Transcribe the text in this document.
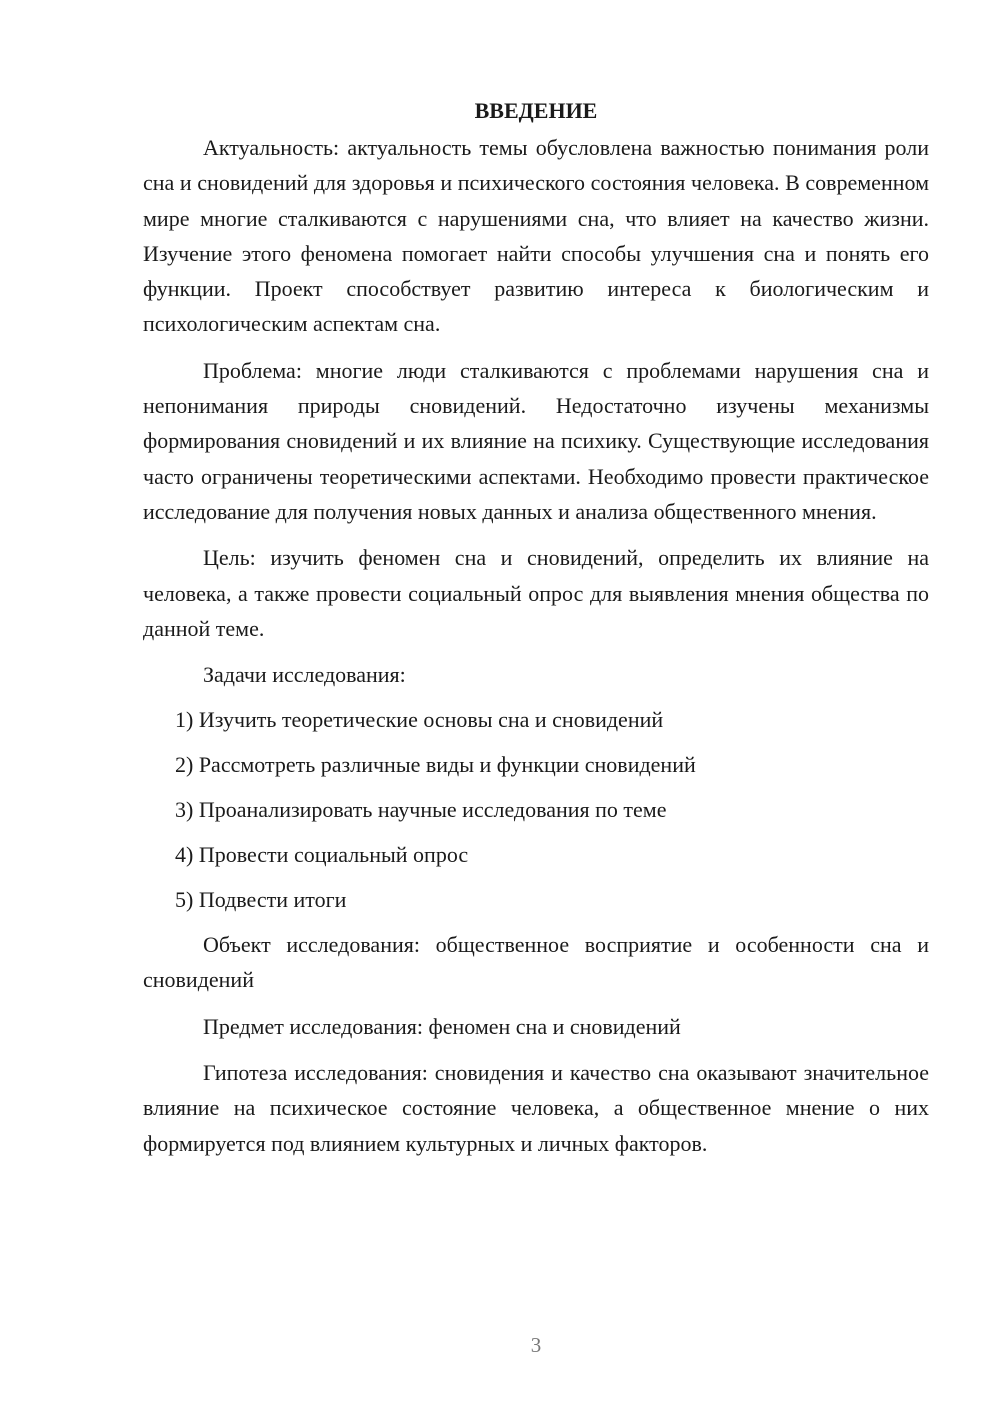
ВВЕДЕНИЕ

Актуальность: актуальность темы обусловлена важностью понимания роли сна и сновидений для здоровья и психического состояния человека. В современном мире многие сталкиваются с нарушениями сна, что влияет на качество жизни. Изучение этого феномена помогает найти способы улучшения сна и понять его функции. Проект способствует развитию интереса к биологическим и психологическим аспектам сна.

Проблема: многие люди сталкиваются с проблемами нарушения сна и непонимания природы сновидений. Недостаточно изучены механизмы формирования сновидений и их влияние на психику. Существующие исследования часто ограничены теоретическими аспектами. Необходимо провести практическое исследование для получения новых данных и анализа общественного мнения.

Цель: изучить феномен сна и сновидений, определить их влияние на человека, а также провести социальный опрос для выявления мнения общества по данной теме.

Задачи исследования:

1) Изучить теоретические основы сна и сновидений
2) Рассмотреть различные виды и функции сновидений
3) Проанализировать научные исследования по теме
4) Провести социальный опрос
5) Подвести итоги

Объект исследования: общественное восприятие и особенности сна и сновидений

Предмет исследования: феномен сна и сновидений

Гипотеза исследования: сновидения и качество сна оказывают значительное влияние на психическое состояние человека, а общественное мнение о них формируется под влиянием культурных и личных факторов.

3
